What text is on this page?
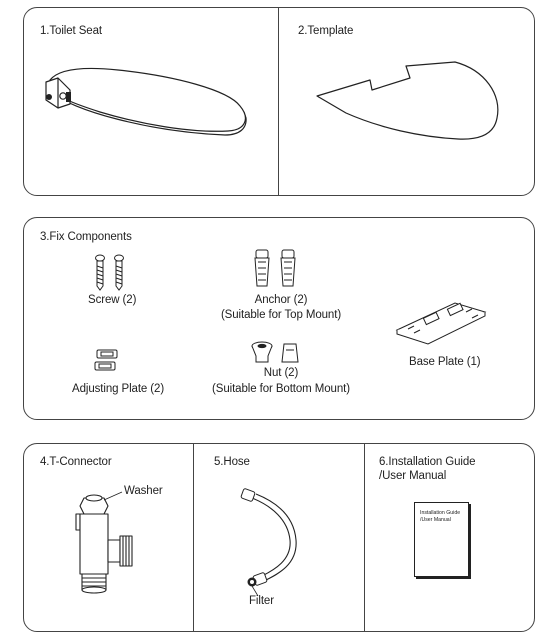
1.Toilet Seat	2.Template
3.Fix Components
Screw (2)	Anchor (2)
(Suitable for Top Mount)
Base Plate (1)
Adjusting Plate (2)
Nut (2)
(Suitable for Bottom Mount)
4.T-Connector	5.Hose	6.Installation Guide
/User Manual
Washer
Filter
Installation Guide
/User Manual
